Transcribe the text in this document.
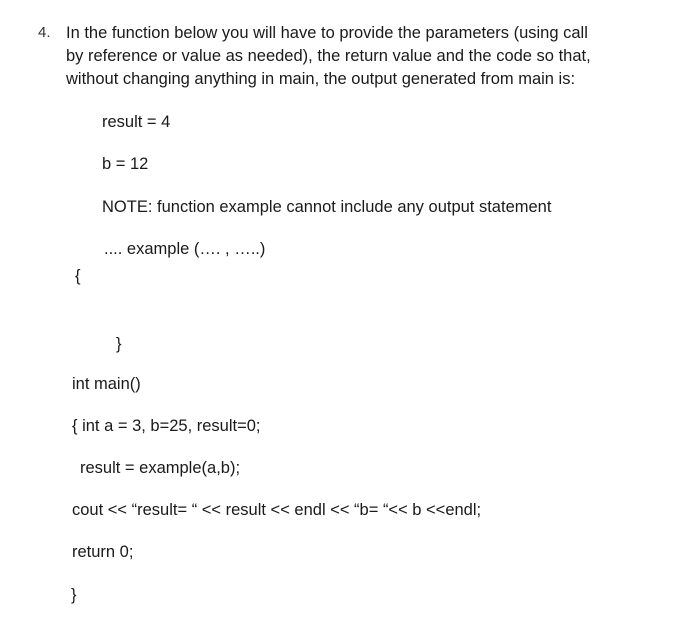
4. In the function below you will have to provide the parameters (using call
by reference or value as needed), the return value and the code so that,
without changing anything in main, the output generated from main is:
result = 4
b = 12
NOTE: function example cannot include any output statement
.... example (…. , …..)
{
}
int main()
{ int a = 3, b=25, result=0;
result = example(a,b);
cout << “result= “ << result << endl << “b= “<< b <<endl;
return 0;
}
